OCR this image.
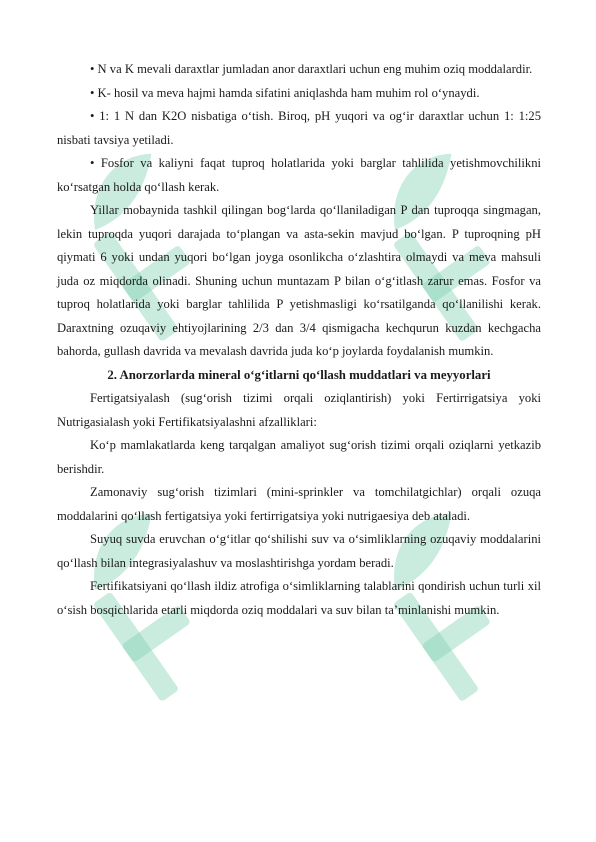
• N va K mevali daraxtlar jumladan anor daraxtlari uchun eng muhim oziq moddalardir.

• K- hosil va meva hajmi hamda sifatini aniqlashda ham muhim rol o‘ynaydi.

• 1: 1 N dan K2O nisbatiga o‘tish. Biroq, pH yuqori va og‘ir daraxtlar uchun 1: 1:25 nisbati tavsiya yetiladi.

• Fosfor va kaliyni faqat tuproq holatlarida yoki barglar tahlilida yetishmovchilikni ko‘rsatgan holda qo‘llash kerak.

Yillar mobaynida tashkil qilingan bog‘larda qo‘llaniladigan P dan tuproqqa singmagan, lekin tuproqda yuqori darajada to‘plangan va asta-sekin mavjud bo‘lgan. P tuproqning pH qiymati 6 yoki undan yuqori bo‘lgan joyga osonlikcha o‘zlashtira olmaydi va meva mahsuli juda oz miqdorda olinadi. Shuning uchun muntazam P bilan o‘g‘itlash zarur emas. Fosfor va tuproq holatlarida yoki barglar tahlilida P yetishmasligi ko‘rsatilganda qo‘llanilishi kerak. Daraxtning ozuqaviy ehtiyojlarining 2/3 dan 3/4 qismigacha kechqurun kuzdan kechgacha bahorda, gullash davrida va mevalash davrida juda ko‘p joylarda foydalanish mumkin.

2. Anorzorlarda mineral o‘g‘itlarni qo‘llash muddatlari va meyyorlari

Fertigatsiyalash (sug‘orish tizimi orqali oziqlantirish) yoki Fertirrigatsiya yoki Nutrigasialash yoki Fertifikatsiyalashni afzalliklari:

Ko‘p mamlakatlarda keng tarqalgan amaliyot sug‘orish tizimi orqali oziqlarni yetkazib berishdir.

Zamonaviy sug‘orish tizimlari (mini-sprinkler va tomchilatgichlar) orqali ozuqa moddalarini qo‘llash fertigatsiya yoki fertirrigatsiya yoki nutrigaesiya deb ataladi.

Suyuq suvda eruvchan o‘g‘itlar qo‘shilishi suv va o‘simliklarning ozuqaviy moddalarini qo‘llash bilan integrasiyalashuv va moslashtirishga yordam beradi.

Fertifikatsiyani qo‘llash ildiz atrofiga o‘simliklarning talablarini qondirish uchun turli xil o‘sish bosqichlarida etarli miqdorda oziq moddalari va suv bilan ta’minlanishi mumkin.
